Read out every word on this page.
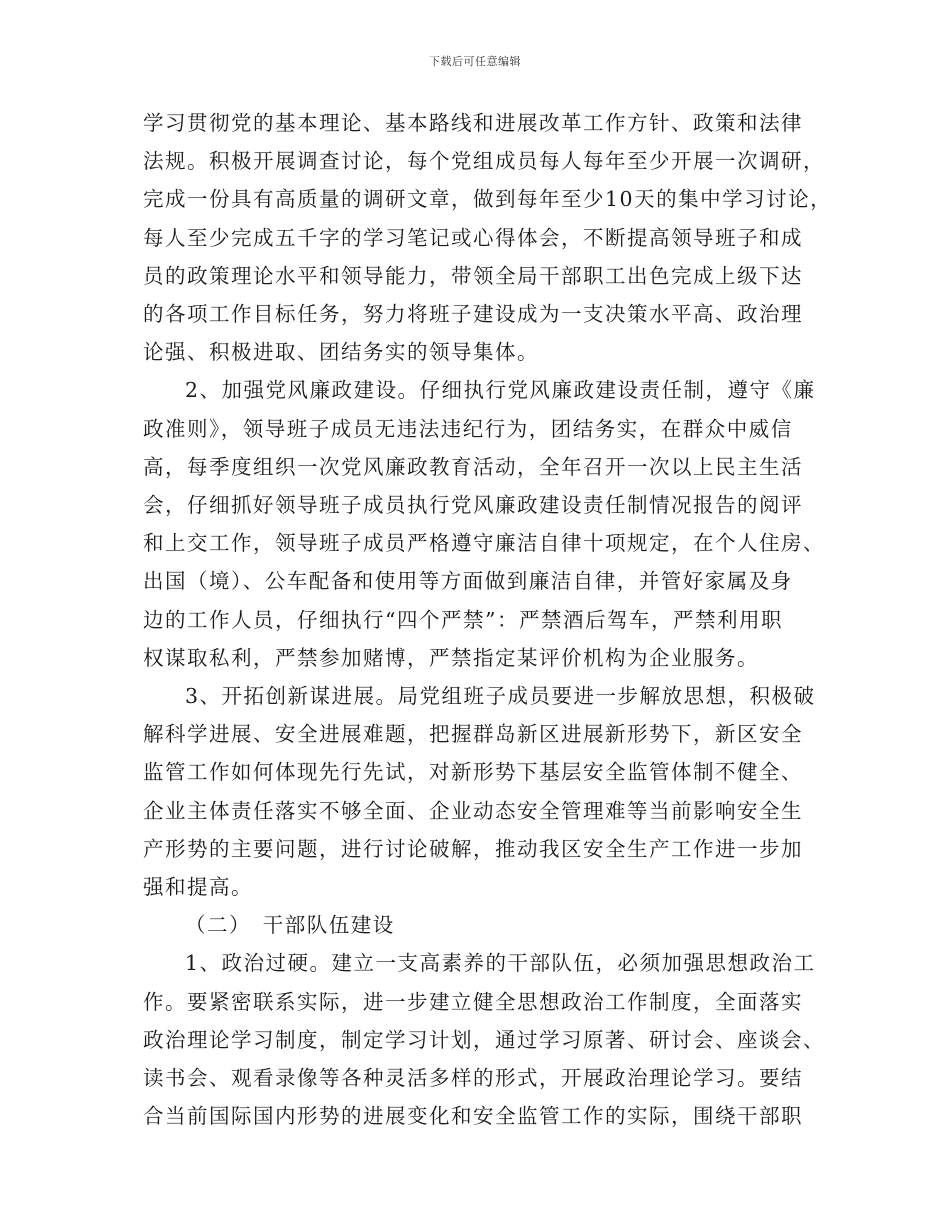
下载后可任意编辑
学习贯彻党的基本理论、基本路线和进展改革工作方针、政策和法律
法规。积极开展调查讨论，每个党组成员每人每年至少开展一次调研，
完成一份具有高质量的调研文章，做到每年至少10天的集中学习讨论，
每人至少完成五千字的学习笔记或心得体会，不断提高领导班子和成
员的政策理论水平和领导能力，带领全局干部职工出色完成上级下达
的各项工作目标任务，努力将班子建设成为一支决策水平高、政治理
论强、积极进取、团结务实的领导集体。
2、加强党风廉政建设。仔细执行党风廉政建设责任制，遵守《廉
政准则》，领导班子成员无违法违纪行为，团结务实，在群众中威信
高，每季度组织一次党风廉政教育活动，全年召开一次以上民主生活
会，仔细抓好领导班子成员执行党风廉政建设责任制情况报告的阅评
和上交工作，领导班子成员严格遵守廉洁自律十项规定，在个人住房、
出国（境）、公车配备和使用等方面做到廉洁自律，并管好家属及身
边的工作人员，仔细执行“四个严禁”：严禁酒后驾车，严禁利用职
权谋取私利，严禁参加赌博，严禁指定某评价机构为企业服务。
3、开拓创新谋进展。局党组班子成员要进一步解放思想，积极破
解科学进展、安全进展难题，把握群岛新区进展新形势下，新区安全
监管工作如何体现先行先试，对新形势下基层安全监管体制不健全、
企业主体责任落实不够全面、企业动态安全管理难等当前影响安全生
产形势的主要问题，进行讨论破解，推动我区安全生产工作进一步加
强和提高。
（二）　干部队伍建设
1、政治过硬。建立一支高素养的干部队伍，必须加强思想政治工
作。要紧密联系实际，进一步建立健全思想政治工作制度，全面落实
政治理论学习制度，制定学习计划，通过学习原著、研讨会、座谈会、
读书会、观看录像等各种灵活多样的形式，开展政治理论学习。要结
合当前国际国内形势的进展变化和安全监管工作的实际，围绕干部职
